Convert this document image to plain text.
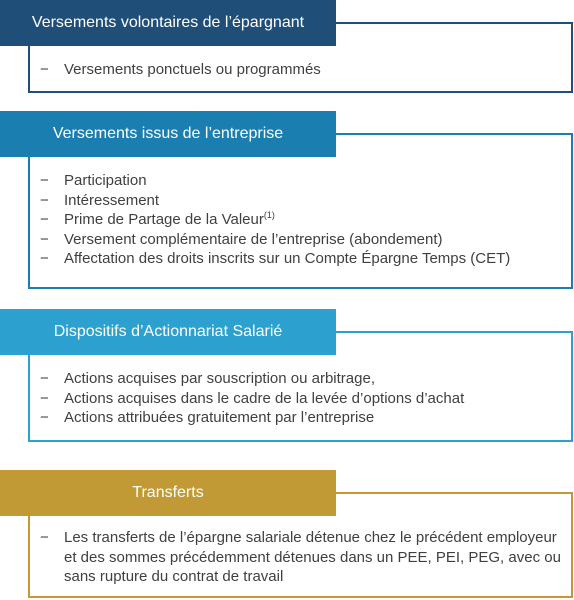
− Versements ponctuels ou programmés
Versements volontaires de l’épargnant
− Participation
− Intéressement
− Prime de Partage de la Valeur$^{(1)}$
− Versement complémentaire de l’entreprise (abondement)
− Affectation des droits inscrits sur un Compte Épargne Temps (CET)
Versements issus de l’entreprise
− Actions acquises par souscription ou arbitrage,
− Actions acquises dans le cadre de la levée d’options d’achat
− Actions attribuées gratuitement par l’entreprise
Dispositifs d’Actionnariat Salarié
− Les transferts de l’épargne salariale détenue chez le précédent employeur et des sommes précédemment détenues dans un PEE, PEI, PEG, avec ou sans rupture du contrat de travail
Transferts
